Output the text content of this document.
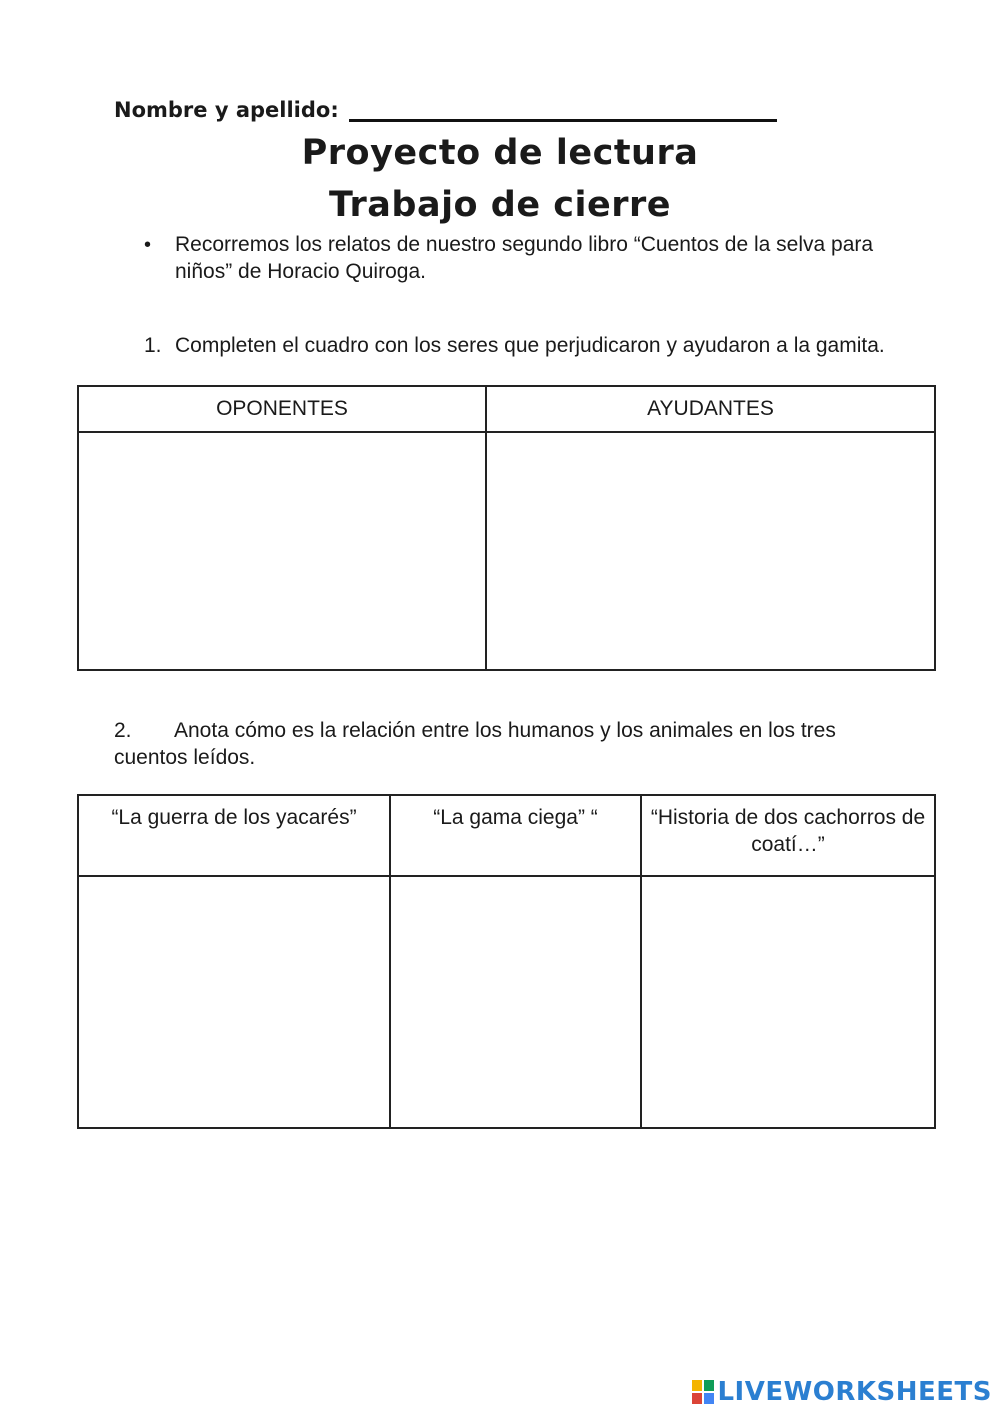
Nombre y apellido:
Proyecto de lectura
Trabajo de cierre
• Recorremos los relatos de nuestro segundo libro “Cuentos de la selva para niños” de Horacio Quiroga.
1. Completen el cuadro con los seres que perjudicaron y ayudaron a la gamita.
OPONENTES	AYUDANTES

2. Anota cómo es la relación entre los humanos y los animales en los tres cuentos leídos.
“La guerra de los yacarés”	“La gama ciega” “	“Historia de dos cachorros de coatí…”

LIVEWORKSHEETS
